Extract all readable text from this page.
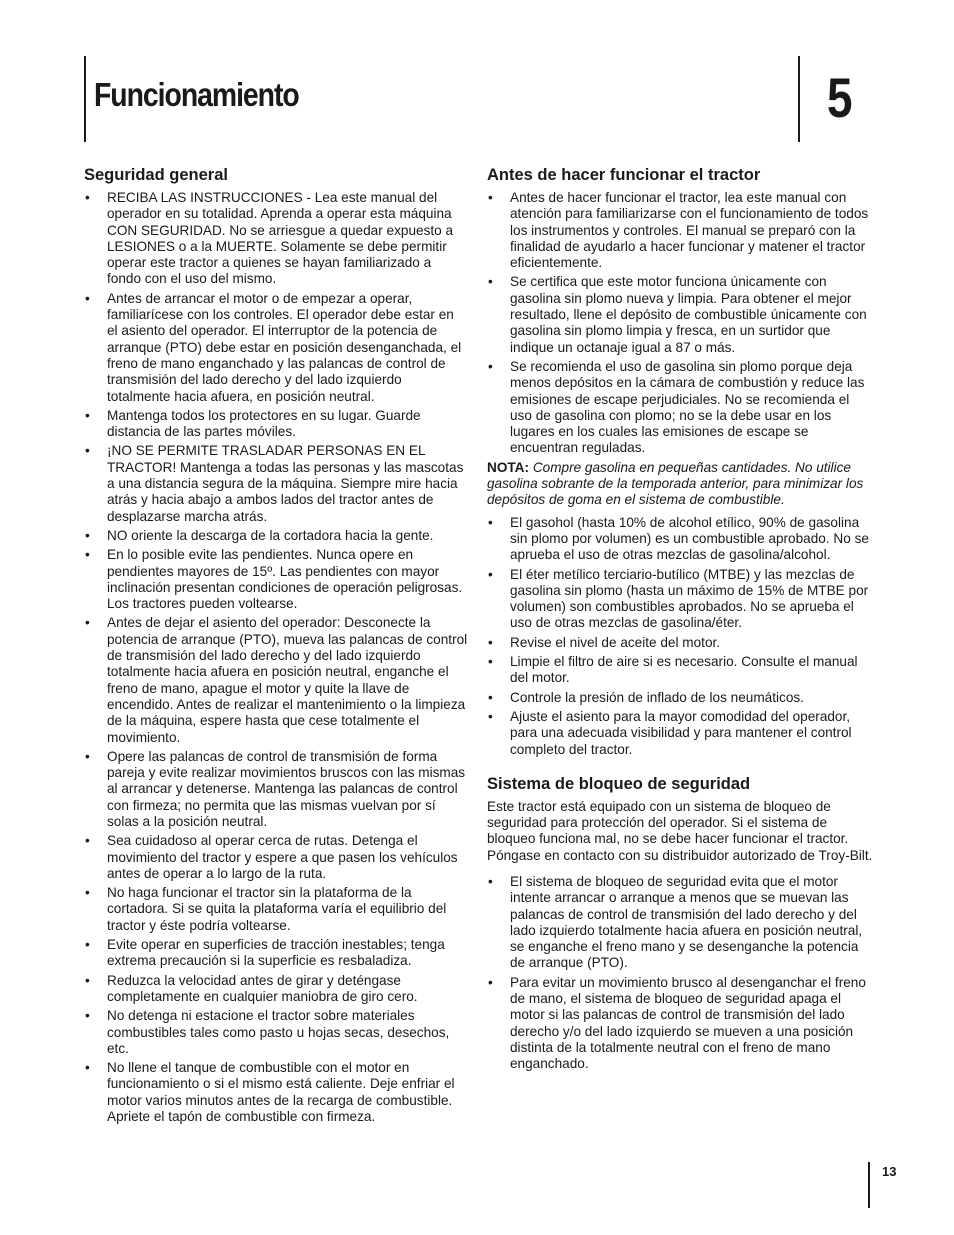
Funcionamiento	5
Seguridad general
• RECIBA LAS INSTRUCCIONES - Lea este manual del operador en su totalidad. Aprenda a operar esta máquina CON SEGURIDAD. No se arriesgue a quedar expuesto a LESIONES o a la MUERTE. Solamente se debe permitir operar este tractor a quienes se hayan familiarizado a fondo con el uso del mismo.
• Antes de arrancar el motor o de empezar a operar, familiarícese con los controles. El operador debe estar en el asiento del operador. El interruptor de la potencia de arranque (PTO) debe estar en posición desenganchada, el freno de mano enganchado y las palancas de control de transmisión del lado derecho y del lado izquierdo totalmente hacia afuera, en posición neutral.
• Mantenga todos los protectores en su lugar. Guarde distancia de las partes móviles.
• ¡NO SE PERMITE TRASLADAR PERSONAS EN EL TRACTOR! Mantenga a todas las personas y las mascotas a una distancia segura de la máquina. Siempre mire hacia atrás y hacia abajo a ambos lados del tractor antes de desplazarse marcha atrás.
• NO oriente la descarga de la cortadora hacia la gente.
• En lo posible evite las pendientes. Nunca opere en pendientes mayores de 15º. Las pendientes con mayor inclinación presentan condiciones de operación peligrosas. Los tractores pueden voltearse.
• Antes de dejar el asiento del operador: Desconecte la potencia de arranque (PTO), mueva las palancas de control de transmisión del lado derecho y del lado izquierdo totalmente hacia afuera en posición neutral, enganche el freno de mano, apague el motor y quite la llave de encendido. Antes de realizar el mantenimiento o la limpieza de la máquina, espere hasta que cese totalmente el movimiento.
• Opere las palancas de control de transmisión de forma pareja y evite realizar movimientos bruscos con las mismas al arrancar y detenerse. Mantenga las palancas de control con firmeza; no permita que las mismas vuelvan por sí solas a la posición neutral.
• Sea cuidadoso al operar cerca de rutas. Detenga el movimiento del tractor y espere a que pasen los vehículos antes de operar a lo largo de la ruta.
• No haga funcionar el tractor sin la plataforma de la cortadora. Si se quita la plataforma varía el equilibrio del tractor y éste podría voltearse.
• Evite operar en superficies de tracción inestables; tenga extrema precaución si la superficie es resbaladiza.
• Reduzca la velocidad antes de girar y deténgase completamente en cualquier maniobra de giro cero.
• No detenga ni estacione el tractor sobre materiales combustibles tales como pasto u hojas secas, desechos, etc.
• No llene el tanque de combustible con el motor en funcionamiento o si el mismo está caliente. Deje enfriar el motor varios minutos antes de la recarga de combustible. Apriete el tapón de combustible con firmeza.
Antes de hacer funcionar el tractor
• Antes de hacer funcionar el tractor, lea este manual con atención para familiarizarse con el funcionamiento de todos los instrumentos y controles. El manual se preparó con la finalidad de ayudarlo a hacer funcionar y matener el tractor eficientemente.
• Se certifica que este motor funciona únicamente con gasolina sin plomo nueva y limpia. Para obtener el mejor resultado, llene el depósito de combustible únicamente con gasolina sin plomo limpia y fresca, en un surtidor que indique un octanaje igual a 87 o más.
• Se recomienda el uso de gasolina sin plomo porque deja menos depósitos en la cámara de combustión y reduce las emisiones de escape perjudiciales. No se recomienda el uso de gasolina con plomo; no se la debe usar en los lugares en los cuales las emisiones de escape se encuentran reguladas.

NOTA: Compre gasolina en pequeñas cantidades. No utilice gasolina sobrante de la temporada anterior, para minimizar los depósitos de goma en el sistema de combustible.

• El gasohol (hasta 10% de alcohol etílico, 90% de gasolina sin plomo por volumen) es un combustible aprobado. No se aprueba el uso de otras mezclas de gasolina/alcohol.
• El éter metílico terciario-butílico (MTBE) y las mezclas de gasolina sin plomo (hasta un máximo de 15% de MTBE por volumen) son combustibles aprobados. No se aprueba el uso de otras mezclas de gasolina/éter.
• Revise el nivel de aceite del motor.
• Limpie el filtro de aire si es necesario. Consulte el manual del motor.
• Controle la presión de inflado de los neumáticos.
• Ajuste el asiento para la mayor comodidad del operador, para una adecuada visibilidad y para mantener el control completo del tractor.
Sistema de bloqueo de seguridad

Este tractor está equipado con un sistema de bloqueo de seguridad para protección del operador. Si el sistema de bloqueo funciona mal, no se debe hacer funcionar el tractor. Póngase en contacto con su distribuidor autorizado de Troy-Bilt.

• El sistema de bloqueo de seguridad evita que el motor intente arrancar o arranque a menos que se muevan las palancas de control de transmisión del lado derecho y del lado izquierdo totalmente hacia afuera en posición neutral, se enganche el freno mano y se desenganche la potencia de arranque (PTO).
• Para evitar un movimiento brusco al desenganchar el freno de mano, el sistema de bloqueo de seguridad apaga el motor si las palancas de control de transmisión del lado derecho y/o del lado izquierdo se mueven a una posición distinta de la totalmente neutral con el freno de mano enganchado.
13
